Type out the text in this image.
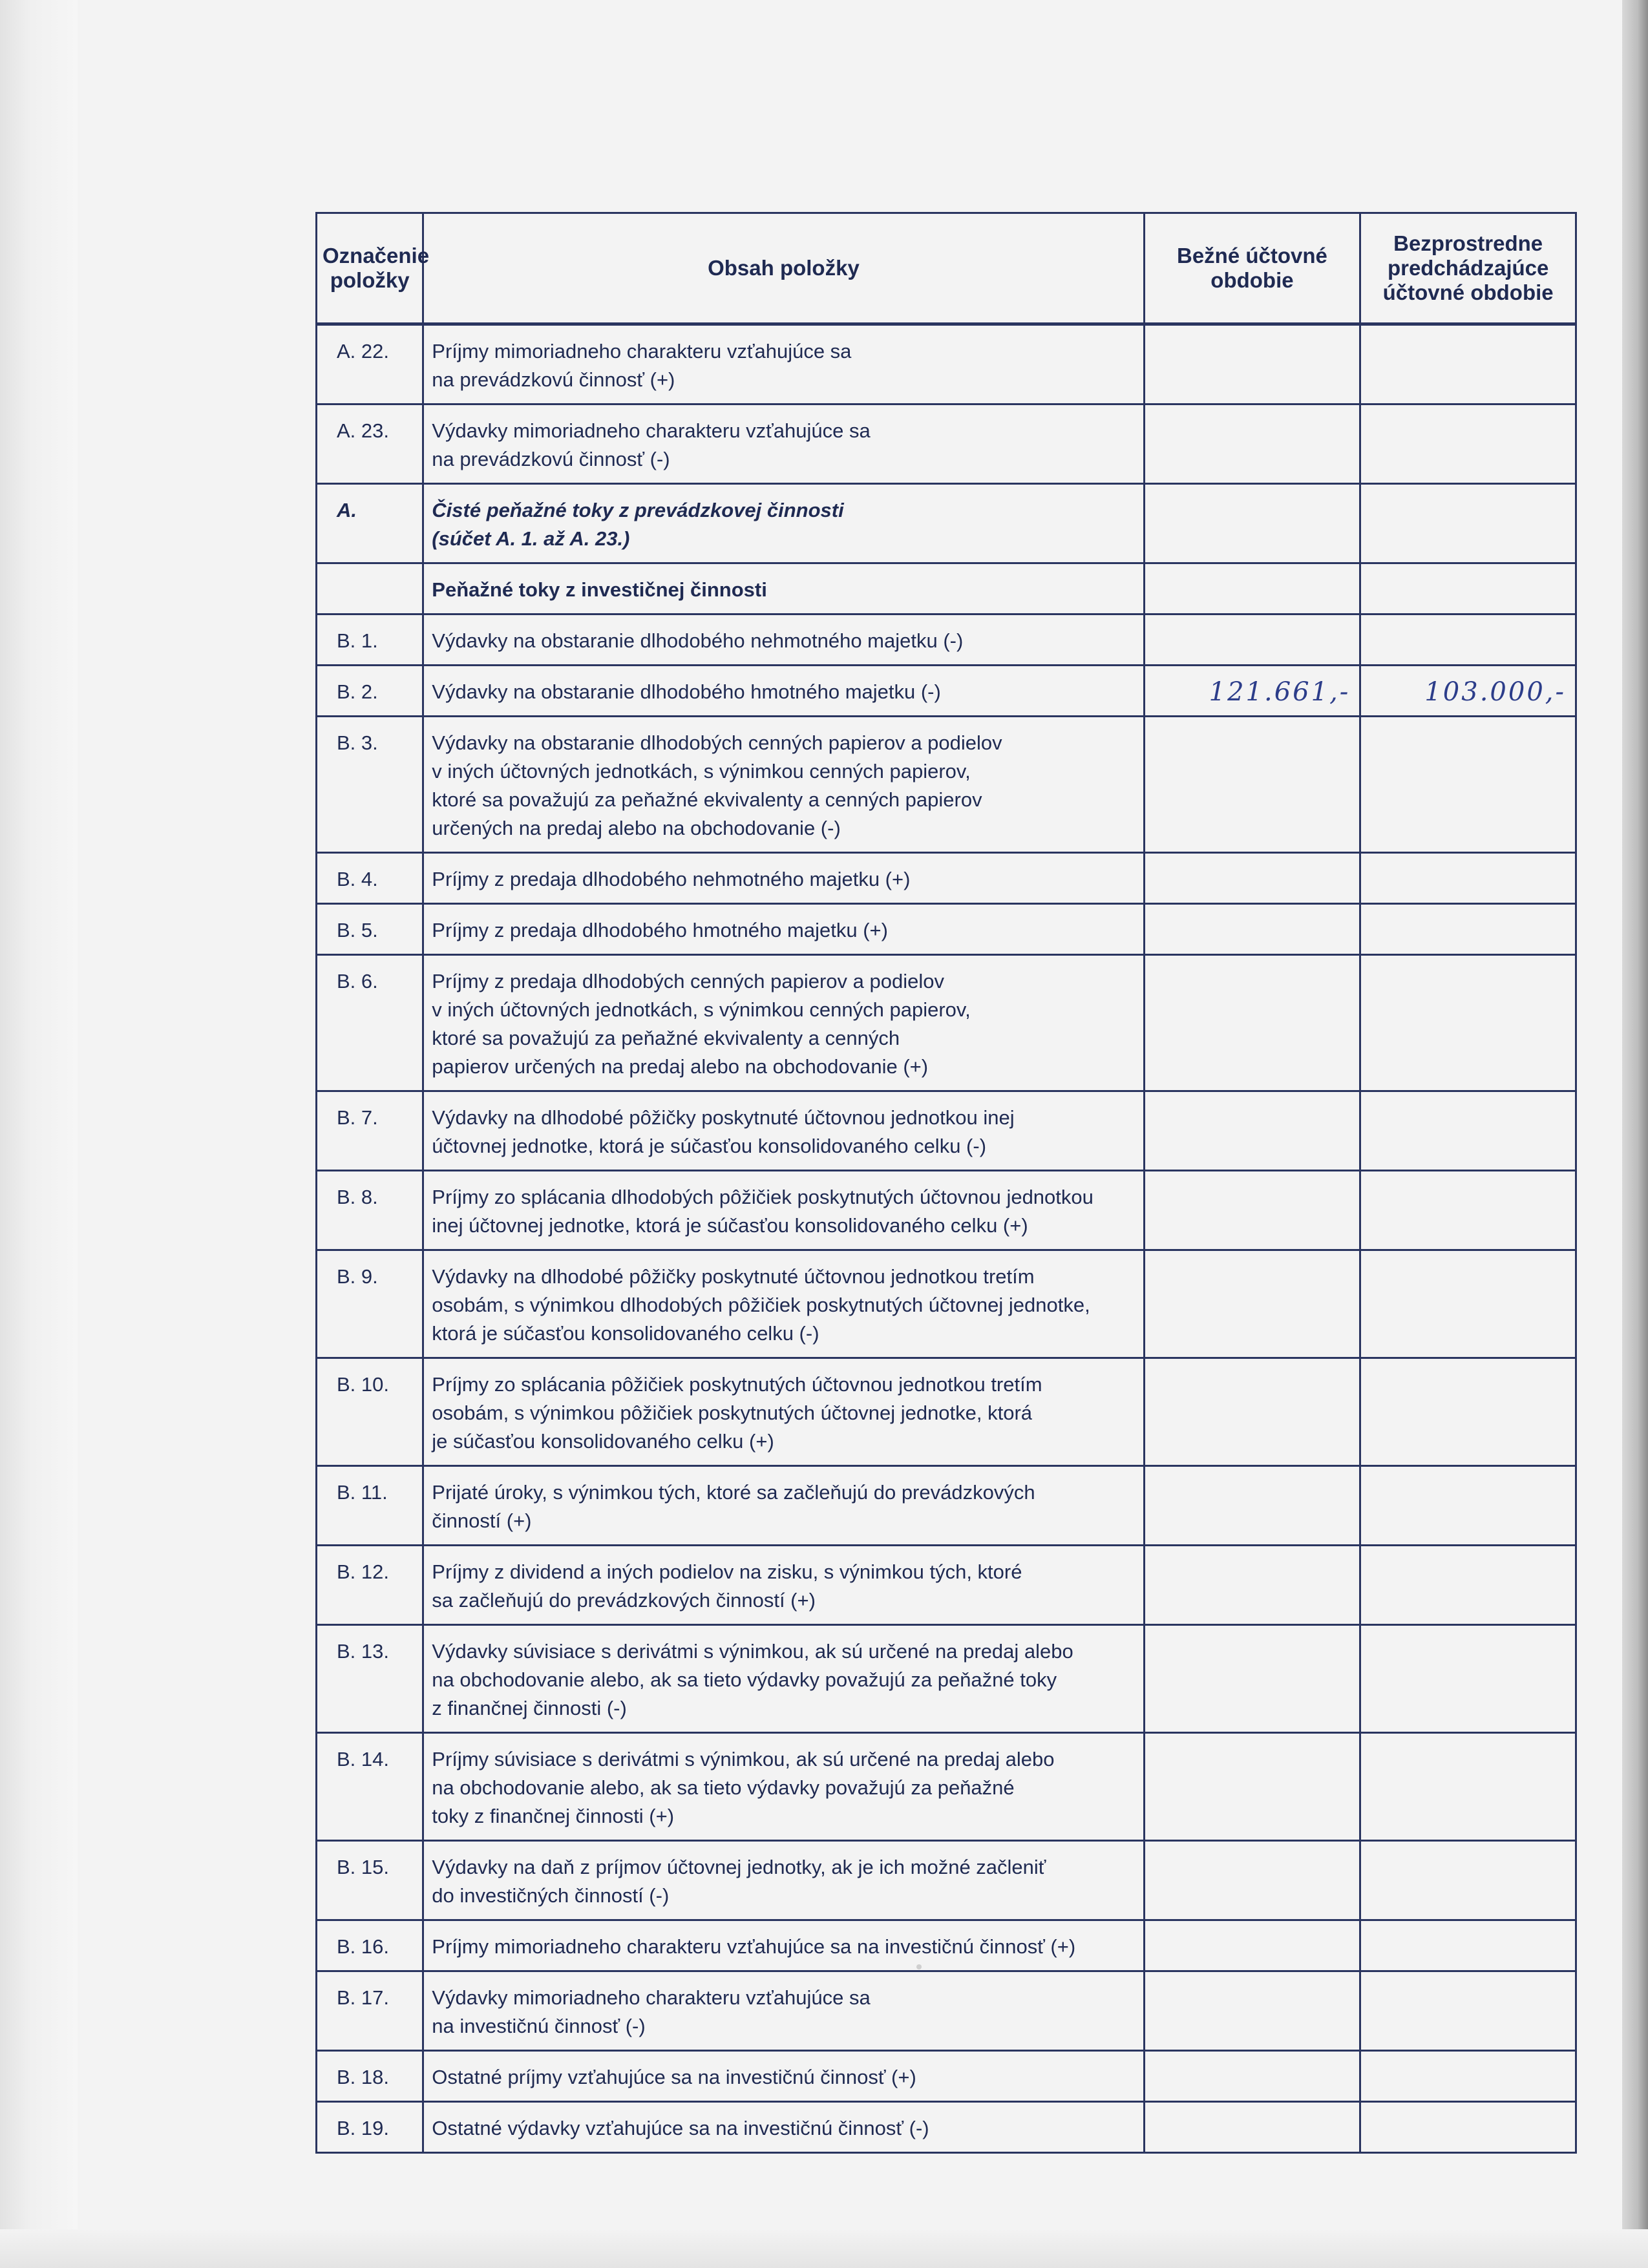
Označenie položky	Obsah položky	Bežné účtovné obdobie	Bezprostredne predchádzajúce účtovné obdobie
A. 22.	Príjmy mimoriadneho charakteru vzťahujúce sa
na prevádzkovú činnosť (+)		
A. 23.	Výdavky mimoriadneho charakteru vzťahujúce sa
na prevádzkovú činnosť (-)		
A.	Čisté peňažné toky z prevádzkovej činnosti
(súčet A. 1. až A. 23.)		
	Peňažné toky z investičnej činnosti		
B. 1.	Výdavky na obstaranie dlhodobého nehmotného majetku (-)		
B. 2.	Výdavky na obstaranie dlhodobého hmotného majetku (-)	121.661,-	103.000,-
B. 3.	Výdavky na obstaranie dlhodobých cenných papierov a podielov
v iných účtovných jednotkách, s výnimkou cenných papierov,
ktoré sa považujú za peňažné ekvivalenty a cenných papierov
určených na predaj alebo na obchodovanie (-)		
B. 4.	Príjmy z predaja dlhodobého nehmotného majetku (+)		
B. 5.	Príjmy z predaja dlhodobého hmotného majetku (+)		
B. 6.	Príjmy z predaja dlhodobých cenných papierov a podielov
v iných účtovných jednotkách, s výnimkou cenných papierov,
ktoré sa považujú za peňažné ekvivalenty a cenných
papierov určených na predaj alebo na obchodovanie (+)		
B. 7.	Výdavky na dlhodobé pôžičky poskytnuté účtovnou jednotkou inej
účtovnej jednotke, ktorá je súčasťou konsolidovaného celku (-)		
B. 8.	Príjmy zo splácania dlhodobých pôžičiek poskytnutých účtovnou jednotkou
inej účtovnej jednotke, ktorá je súčasťou konsolidovaného celku (+)		
B. 9.	Výdavky na dlhodobé pôžičky poskytnuté účtovnou jednotkou tretím
osobám, s výnimkou dlhodobých pôžičiek poskytnutých účtovnej jednotke,
ktorá je súčasťou konsolidovaného celku (-)		
B. 10.	Príjmy zo splácania pôžičiek poskytnutých účtovnou jednotkou tretím
osobám, s výnimkou pôžičiek poskytnutých účtovnej jednotke, ktorá
je súčasťou konsolidovaného celku (+)		
B. 11.	Prijaté úroky, s výnimkou tých, ktoré sa začleňujú do prevádzkových
činností (+)		
B. 12.	Príjmy z dividend a iných podielov na zisku, s výnimkou tých, ktoré
sa začleňujú do prevádzkových činností (+)		
B. 13.	Výdavky súvisiace s derivátmi s výnimkou, ak sú určené na predaj alebo
na obchodovanie alebo, ak sa tieto výdavky považujú za peňažné toky
z finančnej činnosti (-)		
B. 14.	Príjmy súvisiace s derivátmi s výnimkou, ak sú určené na predaj alebo
na obchodovanie alebo, ak sa tieto výdavky považujú za peňažné
toky z finančnej činnosti (+)		
B. 15.	Výdavky na daň z príjmov účtovnej jednotky, ak je ich možné začleniť
do investičných činností (-)		
B. 16.	Príjmy mimoriadneho charakteru vzťahujúce sa na investičnú činnosť (+)		
B. 17.	Výdavky mimoriadneho charakteru vzťahujúce sa
na investičnú činnosť (-)		
B. 18.	Ostatné príjmy vzťahujúce sa na investičnú činnosť (+)		
B. 19.	Ostatné výdavky vzťahujúce sa na investičnú činnosť (-)		
